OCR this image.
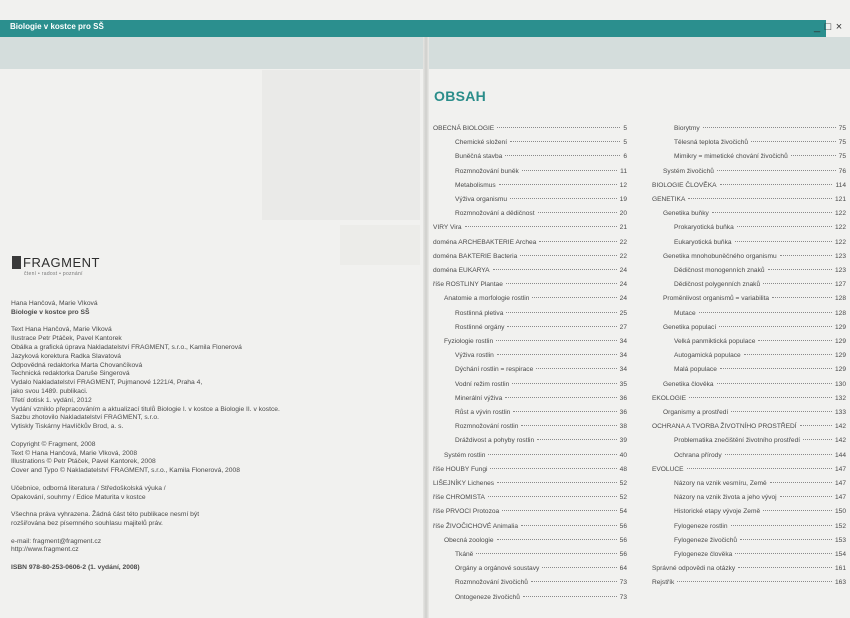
Biologie v kostce pro SŠ	_ □ ×
FRAGMENT
čtení • radost • poznání
Hana Hančová, Marie Vlková
Biologie v kostce pro SŠ
Text Hana Hančová, Marie Vlková
Ilustrace Petr Ptáček, Pavel Kantorek
Obálka a grafická úprava Nakladatelství FRAGMENT, s.r.o., Kamila Flonerová
Jazyková korektura Radka Slavatová
Odpovědná redaktorka Marta Chovančíková
Technická redaktorka Daruše Singerová
Vydalo Nakladatelství FRAGMENT, Pujmanové 1221/4, Praha 4,
jako svou 1489. publikaci.
Třetí dotisk 1. vydání, 2012
Vydání vzniklo přepracováním a aktualizací titulů Biologie I. v kostce a Biologie II. v kostce.
Sazbu zhotovilo Nakladatelství FRAGMENT, s.r.o.
Vytiskly Tiskárny Havlíčkův Brod, a. s.
Copyright © Fragment, 2008
Text © Hana Hančová, Marie Vlková, 2008
Illustrations © Petr Ptáček, Pavel Kantorek, 2008
Cover and Typo © Nakladatelství FRAGMENT, s.r.o., Kamila Flonerová, 2008
Učebnice, odborná literatura / Středoškolská výuka /
Opakování, souhrny / Edice Maturita v kostce
Všechna práva vyhrazena. Žádná část této publikace nesmí být
rozšiřována bez písemného souhlasu majitelů práv.
e-mail: fragment@fragment.cz
http://www.fragment.cz
ISBN 978-80-253-0606-2 (1. vydání, 2008)
OBSAH
OBECNÁ BIOLOGIE	5
Chemické složení	5
Buněčná stavba	6
Rozmnožování buněk	11
Metabolismus	12
Výživa organismu	19
Rozmnožování a dědičnost	20
VIRY Vira	21
doména ARCHEBAKTERIE Archea	22
doména BAKTERIE Bacteria	22
doména EUKARYA	24
říše ROSTLINY Plantae	24
Anatomie a morfologie rostlin	24
Rostlinná pletiva	25
Rostlinné orgány	27
Fyziologie rostlin	34
Výživa rostlin	34
Dýchání rostlin = respirace	34
Vodní režim rostlin	35
Minerální výživa	36
Růst a vývin rostlin	36
Rozmnožování rostlin	38
Dráždivost a pohyby rostlin	39
Systém rostlin	40
říše HOUBY Fungi	48
LIŠEJNÍKY Lichenes	52
říše CHROMISTA	52
říše PRVOCI Protozoa	54
říše ŽIVOČICHOVÉ Animalia	56
Obecná zoologie	56
Tkáně	56
Orgány a orgánové soustavy	64
Rozmnožování živočichů	73
Ontogeneze živočichů	73
Biorytmy	75
Tělesná teplota živočichů	75
Mimikry = mimetické chování živočichů	75
Systém živočichů	76
BIOLOGIE ČLOVĚKA	114
GENETIKA	121
Genetika buňky	122
Prokaryotická buňka	122
Eukaryotická buňka	122
Genetika mnohobuněčného organismu	123
Dědičnost monogenních znaků	123
Dědičnost polygenních znaků	127
Proměnlivost organismů = variabilita	128
Mutace	128
Genetika populací	129
Velká panmiktická populace	129
Autogamická populace	129
Malá populace	129
Genetika člověka	130
EKOLOGIE	132
Organismy a prostředí	133
OCHRANA A TVORBA ŽIVOTNÍHO PROSTŘEDÍ	142
Problematika znečištění životního prostředí	142
Ochrana přírody	144
EVOLUCE	147
Názory na vznik vesmíru, Země	147
Názory na vznik života a jeho vývoj	147
Historické etapy vývoje Země	150
Fylogeneze rostlin	152
Fylogeneze živočichů	153
Fylogeneze člověka	154
Správné odpovědi na otázky	161
Rejstřík	163
